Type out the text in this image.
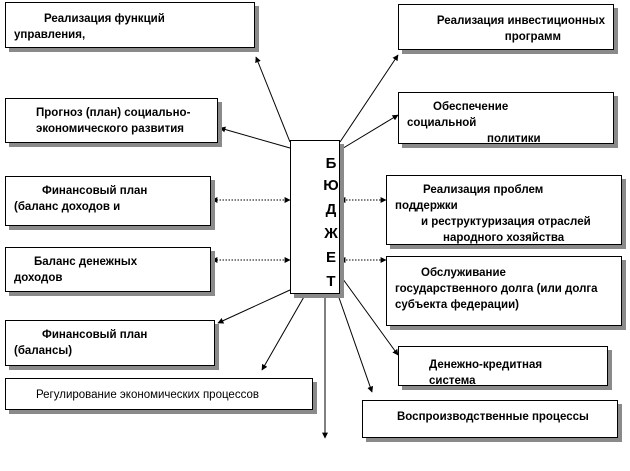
Б
Ю
Д
Ж
Е
Т
Реализация функций
управления,
Прогноз (план) социально-
экономического развития
Финансовый план
(баланс доходов и
Баланс денежных
доходов
Финансовый план
(балансы)
Регулирование экономических процессов
Реализация инвестиционных
программ
Обеспечение
социальной
политики
Реализация проблем
поддержки
и реструктуризация отраслей
народного хозяйства
Обслуживание
государственного долга (или долга
субъекта федерации)
Денежно-кредитная
система
Воспроизводственные процессы
